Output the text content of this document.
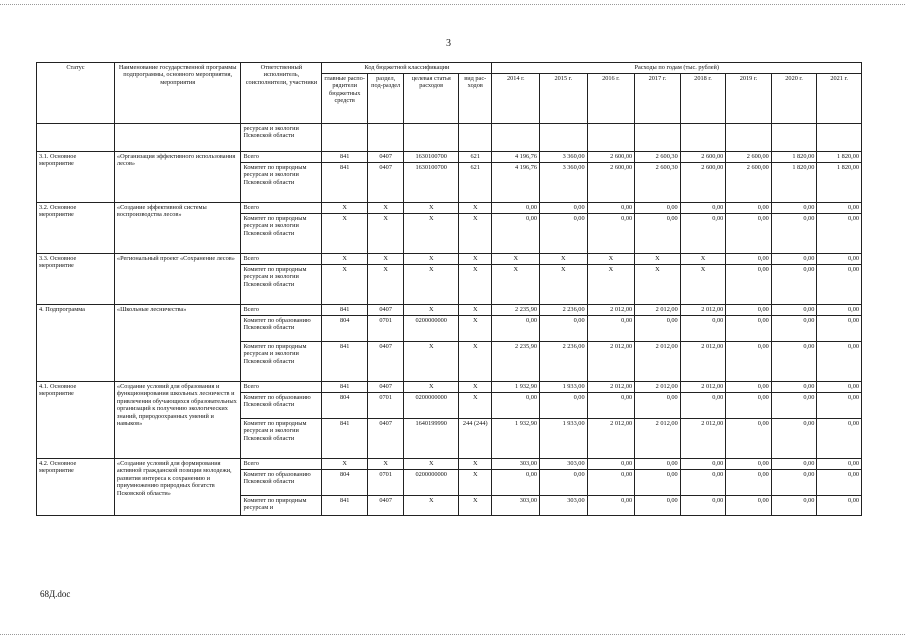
3
Статус	Наименование государственной программы подпрограммы, основного мероприятия, мероприятия	Ответственный исполнитель, соисполнители, участники	Код бюджетной классификации				Расходы по годам (тыс. рублей)							
			главные распо-рядители бюджетных средств	раздел, под-раздел	целевая статья расходов	вид рас-ходов	2014 г.	2015 г.	2016 г.	2017 г.	2018 г.	2019 г.	2020 г.	2021 г.
		ресурсам и экологии Псковской области												
3.1. Основное мероприятие	«Организация эффективного использования лесов»	Всего	841	0407	1630100700	621	4 196,76	3 360,00	2 600,00	2 600,30	2 600,00	2 600,00	1 820,00	1 820,00
		Комитет по природным ресурсам и экологии Псковской области	841	0407	1630100700	621	4 196,76	3 360,00	2 600,00	2 600,30	2 600,00	2 600,00	1 820,00	1 820,00
3.2. Основное мероприятие	«Создание эффективной системы воспроизводства лесов»	Всего	X	X	X	X	0,00	0,00	0,00	0,00	0,00	0,00	0,00	0,00
		Комитет по природным ресурсам и экологии Псковской области	X	X	X	X	0,00	0,00	0,00	0,00	0,00	0,00	0,00	0,00
3.3. Основное мероприятие	«Региональный проект «Сохранение лесов»	Всего	X	X	X	X	X	X	X	X	X	0,00	0,00	0,00
		Комитет по природным ресурсам и экологии Псковской области	X	X	X	X	X	X	X	X	X	0,00	0,00	0,00
4. Подпрограмма	«Школьные лесничества»	Всего	841	0407	X	X	2 235,90	2 236,00	2 012,00	2 012,00	2 012,00	0,00	0,00	0,00
		Комитет по образованию Псковской области	804	0701	0200000000	X	0,00	0,00	0,00	0,00	0,00	0,00	0,00	0,00
		Комитет по природным ресурсам и экологии Псковской области	841	0407	X	X	2 235,90	2 236,00	2 012,00	2 012,00	2 012,00	0,00	0,00	0,00
4.1. Основное мероприятие	«Создание условий для образования и функционирования школьных лесничеств и привлечения обучающихся образовательных организаций к получению экологических знаний, природоохранных умений и навыков»	Всего	841	0407	X	X	1 932,90	1 933,00	2 012,00	2 012,00	2 012,00	0,00	0,00	0,00
		Комитет по образованию Псковской области	804	0701	0200000000	X	0,00	0,00	0,00	0,00	0,00	0,00	0,00	0,00
		Комитет по природным ресурсам и экологии Псковской области	841	0407	1640199990	244 (244)	1 932,90	1 933,00	2 012,00	2 012,00	2 012,00	0,00	0,00	0,00
4.2. Основное мероприятие	«Создание условий для формирования активной гражданской позиции молодежи, развития интереса к сохранению и приумножению природных богатств Псковской области»	Всего	X	X	X	X	303,00	303,00	0,00	0,00	0,00	0,00	0,00	0,00
		Комитет по образованию Псковской области	804	0701	0200000000	X	0,00	0,00	0,00	0,00	0,00	0,00	0,00	0,00
		Комитет по природным ресурсам и	841	0407	X	X	303,00	303,00	0,00	0,00	0,00	0,00	0,00	0,00
68Д.doc
